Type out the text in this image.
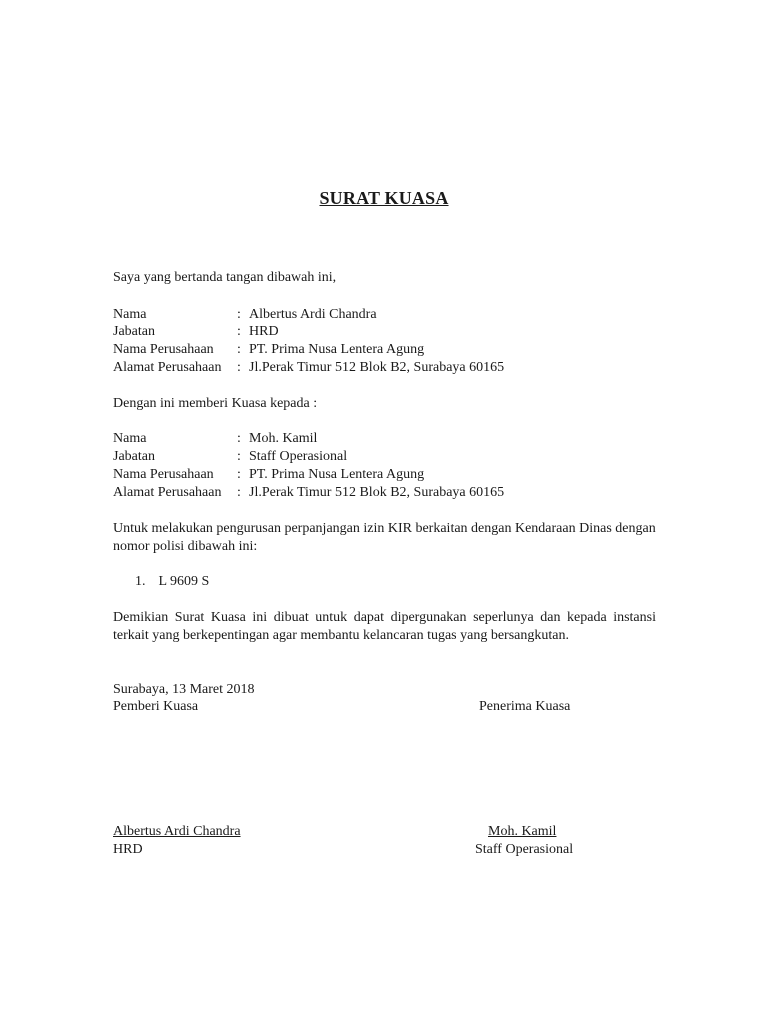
SURAT KUASA
Saya yang bertanda tangan dibawah ini,
Nama	: Albertus Ardi Chandra
Jabatan	: HRD
Nama Perusahaan : PT. Prima Nusa Lentera Agung
Alamat Perusahaan : Jl.Perak Timur 512 Blok B2, Surabaya 60165
Dengan ini memberi Kuasa kepada :
Nama	: Moh. Kamil
Jabatan	: Staff Operasional
Nama Perusahaan : PT. Prima Nusa Lentera Agung
Alamat Perusahaan : Jl.Perak Timur 512 Blok B2, Surabaya 60165
Untuk melakukan pengurusan perpanjangan izin KIR berkaitan dengan Kendaraan Dinas dengan nomor polisi dibawah ini:
1. L 9609 S
Demikian Surat Kuasa ini dibuat untuk dapat dipergunakan seperlunya dan kepada instansi terkait yang berkepentingan agar membantu kelancaran tugas yang bersangkutan.
Surabaya, 13 Maret 2018
Pemberi Kuasa	Penerima Kuasa
Albertus Ardi Chandra	Moh. Kamil
HRD	Staff Operasional
